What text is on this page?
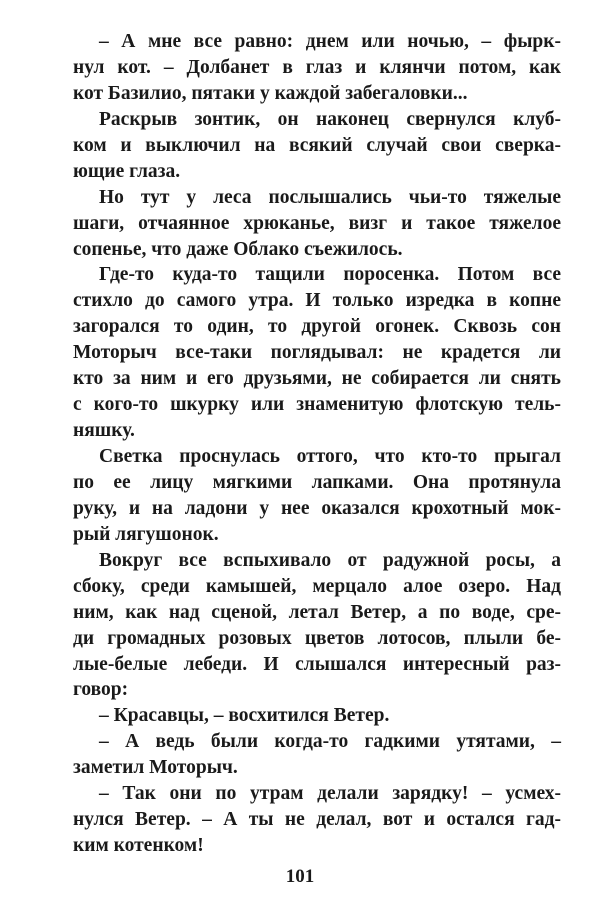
– А мне все равно: днем или ночью, – фырк-
нул кот. – Долбанет в глаз и клянчи потом, как
кот Базилио, пятаки у каждой забегаловки...
Раскрыв зонтик, он наконец свернулся клуб-
ком и выключил на всякий случай свои сверка-
ющие глаза.
Но тут у леса послышались чьи-то тяжелые
шаги, отчаянное хрюканье, визг и такое тяжелое
сопенье, что даже Облако съежилось.
Где-то куда-то тащили поросенка. Потом все
стихло до самого утра. И только изредка в копне
загорался то один, то другой огонек. Сквозь сон
Моторыч все-таки поглядывал: не крадется ли
кто за ним и его друзьями, не собирается ли снять
с кого-то шкурку или знаменитую флотскую тель-
няшку.
Светка проснулась оттого, что кто-то прыгал
по ее лицу мягкими лапками. Она протянула
руку, и на ладони у нее оказался крохотный мок-
рый лягушонок.
Вокруг все вспыхивало от радужной росы, а
сбоку, среди камышей, мерцало алое озеро. Над
ним, как над сценой, летал Ветер, а по воде, сре-
ди громадных розовых цветов лотосов, плыли бе-
лые-белые лебеди. И слышался интересный раз-
говор:
– Красавцы, – восхитился Ветер.
– А ведь были когда-то гадкими утятами, –
заметил Моторыч.
– Так они по утрам делали зарядку! – усмех-
нулся Ветер. – А ты не делал, вот и остался гад-
ким котенком!
101
